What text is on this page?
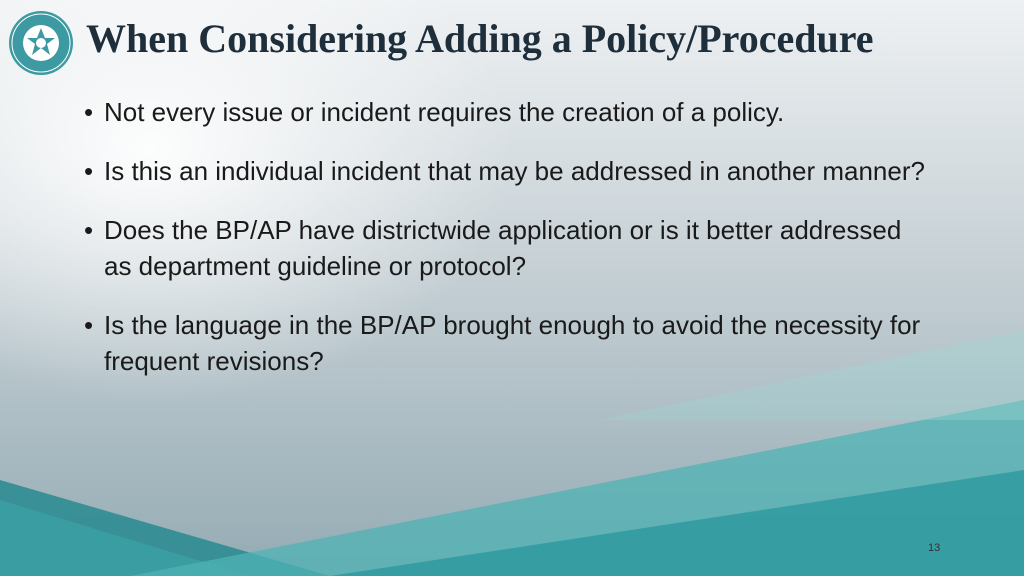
When Considering Adding a Policy/Procedure
• Not every issue or incident requires the creation of a policy.
• Is this an individual incident that may be addressed in another manner?
• Does the BP/AP have districtwide application or is it better addressed as department guideline or protocol?
• Is the language in the BP/AP brought enough to avoid the necessity for frequent revisions?
13
